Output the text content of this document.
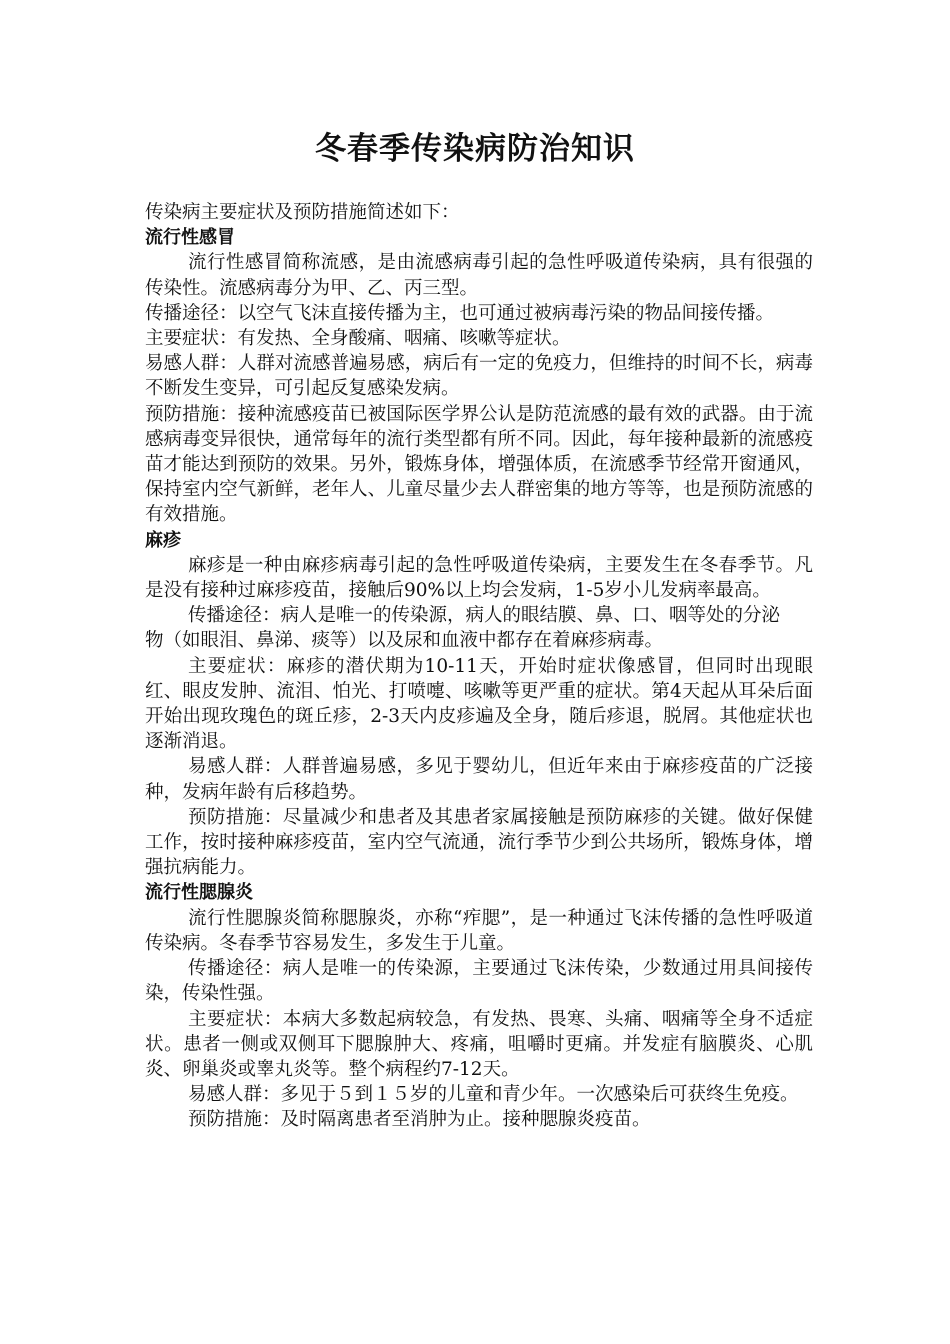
冬春季传染病防治知识

传染病主要症状及预防措施简述如下：

流行性感冒

流行性感冒简称流感，是由流感病毒引起的急性呼吸道传染病，具有很强的传染性。流感病毒分为甲、乙、丙三型。

传播途径：以空气飞沫直接传播为主，也可通过被病毒污染的物品间接传播。

主要症状：有发热、全身酸痛、咽痛、咳嗽等症状。

易感人群：人群对流感普遍易感，病后有一定的免疫力，但维持的时间不长，病毒不断发生变异，可引起反复感染发病。

预防措施：接种流感疫苗已被国际医学界公认是防范流感的最有效的武器。由于流感病毒变异很快，通常每年的流行类型都有所不同。因此，每年接种最新的流感疫苗才能达到预防的效果。另外，锻炼身体，增强体质，在流感季节经常开窗通风，保持室内空气新鲜，老年人、儿童尽量少去人群密集的地方等等，也是预防流感的有效措施。

麻疹

麻疹是一种由麻疹病毒引起的急性呼吸道传染病，主要发生在冬春季节。凡是没有接种过麻疹疫苗，接触后90%以上均会发病，1-5岁小儿发病率最高。

传播途径：病人是唯一的传染源，病人的眼结膜、鼻、口、咽等处的分泌

物（如眼泪、鼻涕、痰等）以及尿和血液中都存在着麻疹病毒。

主要症状：麻疹的潜伏期为10-11天，开始时症状像感冒，但同时出现眼红、眼皮发肿、流泪、怕光、打喷嚏、咳嗽等更严重的症状。第4天起从耳朵后面开始出现玫瑰色的斑丘疹，2-3天内皮疹遍及全身，随后疹退，脱屑。其他症状也逐渐消退。

易感人群：人群普遍易感，多见于婴幼儿，但近年来由于麻疹疫苗的广泛接种，发病年龄有后移趋势。

预防措施：尽量减少和患者及其患者家属接触是预防麻疹的关键。做好保健工作，按时接种麻疹疫苗，室内空气流通，流行季节少到公共场所，锻炼身体，增强抗病能力。

流行性腮腺炎

流行性腮腺炎简称腮腺炎，亦称“痄腮”，是一种通过飞沫传播的急性呼吸道传染病。冬春季节容易发生，多发生于儿童。

传播途径：病人是唯一的传染源，主要通过飞沫传染，少数通过用具间接传染，传染性强。

主要症状：本病大多数起病较急，有发热、畏寒、头痛、咽痛等全身不适症状。患者一侧或双侧耳下腮腺肿大、疼痛，咀嚼时更痛。并发症有脑膜炎、心肌炎、卵巢炎或睾丸炎等。整个病程约7-12天。

易感人群：多见于５到１５岁的儿童和青少年。一次感染后可获终生免疫。

预防措施：及时隔离患者至消肿为止。接种腮腺炎疫苗。
